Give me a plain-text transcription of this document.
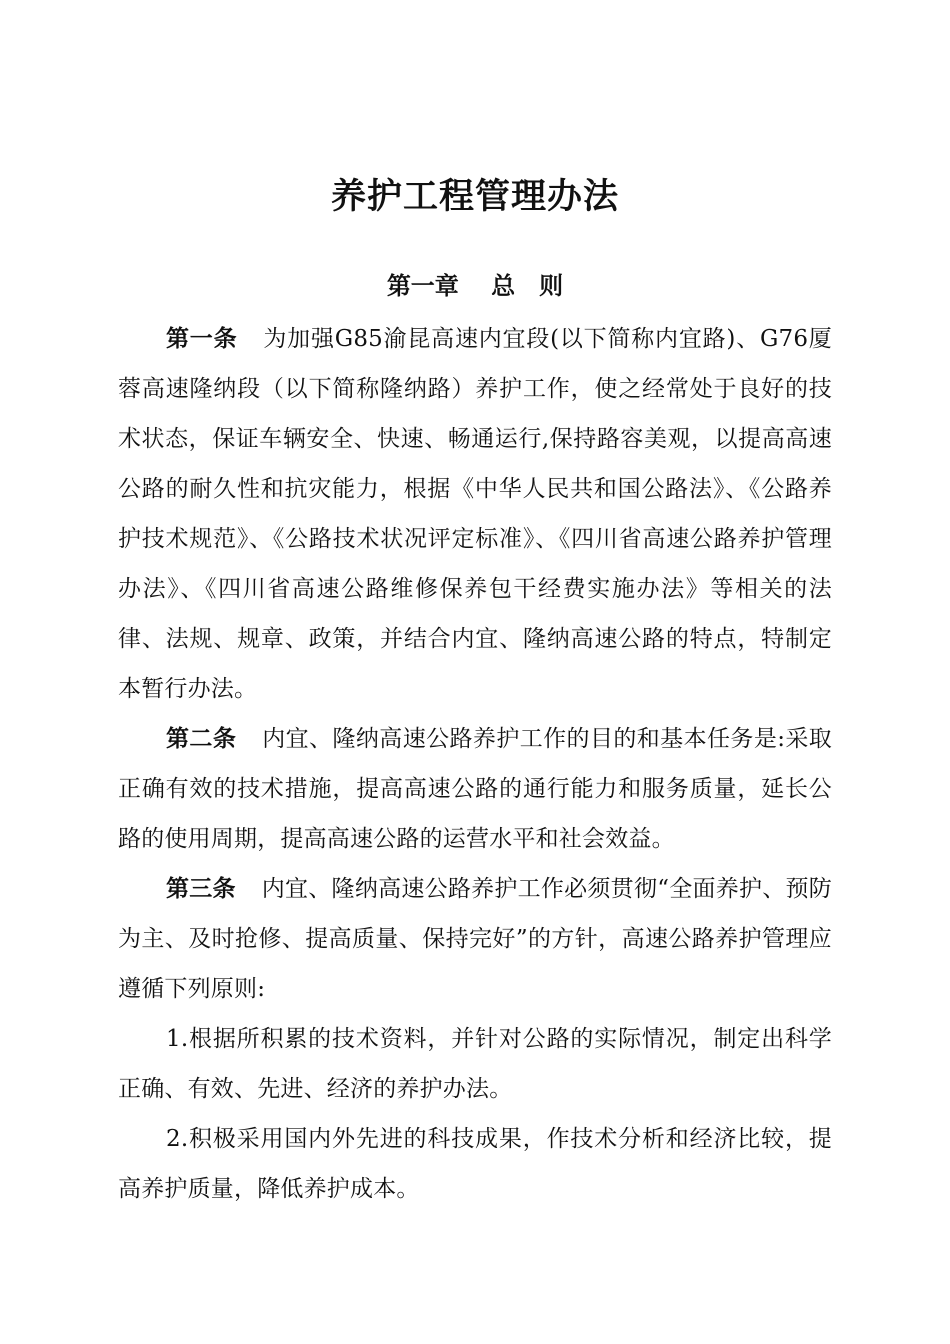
养护工程管理办法
第一章　 总　则

第一条 为加强G85渝昆高速内宜段(以下简称内宜路)、G76厦蓉高速隆纳段（以下简称隆纳路）养护工作，使之经常处于良好的技术状态，保证车辆安全、快速、畅通运行,保持路容美观，以提高高速公路的耐久性和抗灾能力，根据《中华人民共和国公路法》、《公路养护技术规范》、《公路技术状况评定标准》、《四川省高速公路养护管理办法》、《四川省高速公路维修保养包干经费实施办法》等相关的法律、法规、规章、政策，并结合内宜、隆纳高速公路的特点，特制定本暂行办法。

第二条 内宜、隆纳高速公路养护工作的目的和基本任务是:采取正确有效的技术措施，提高高速公路的通行能力和服务质量，延长公路的使用周期，提高高速公路的运营水平和社会效益。

第三条 内宜、隆纳高速公路养护工作必须贯彻“全面养护、预防为主、及时抢修、提高质量、保持完好”的方针，高速公路养护管理应遵循下列原则:

1.根据所积累的技术资料，并针对公路的实际情况，制定出科学正确、有效、先进、经济的养护办法。

2.积极采用国内外先进的科技成果，作技术分析和经济比较，提高养护质量，降低养护成本。
